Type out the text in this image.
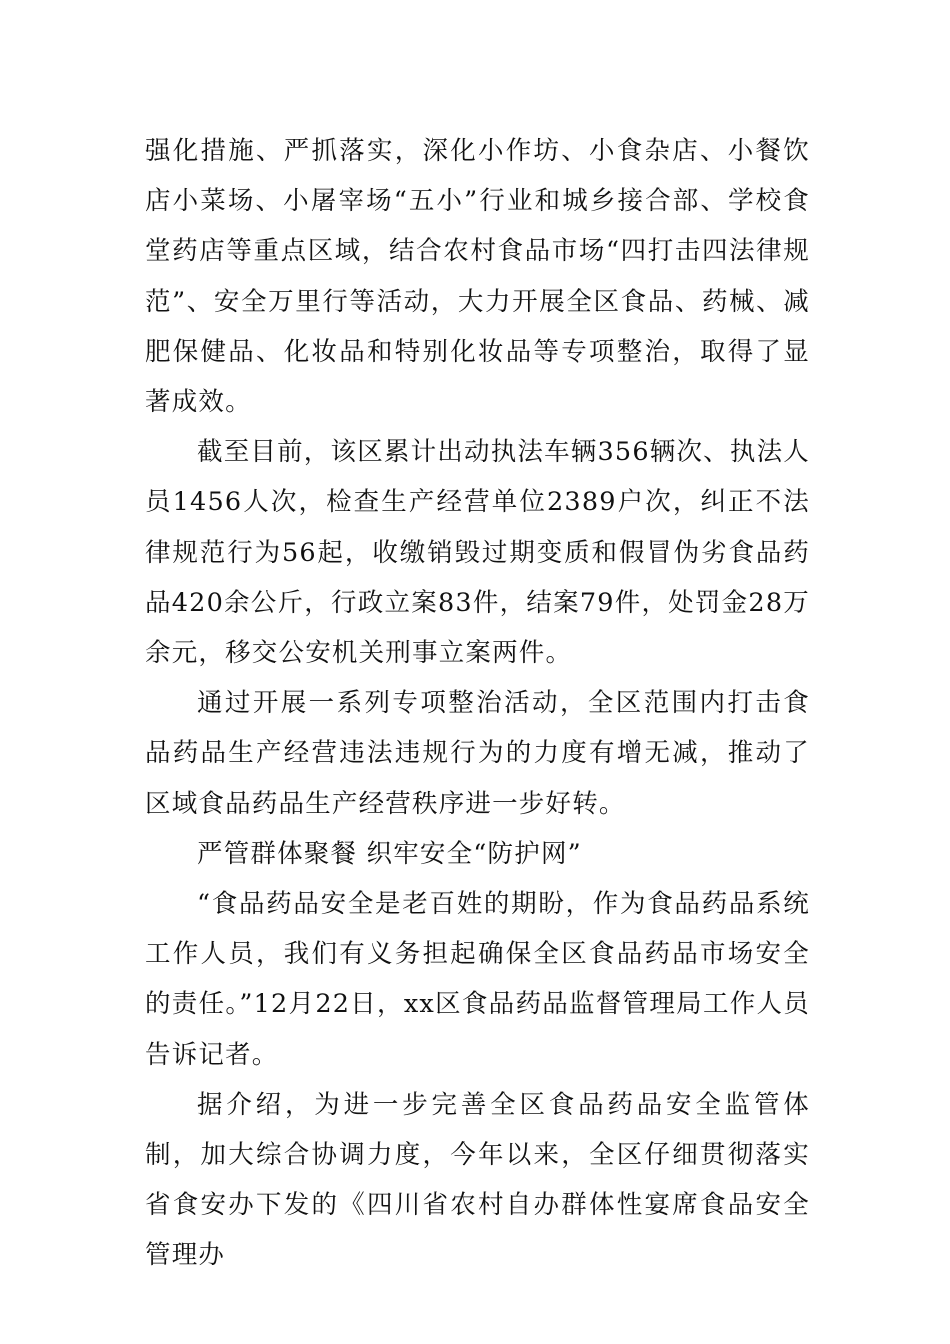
强化措施、严抓落实，深化小作坊、小食杂店、小餐饮店小菜场、小屠宰场“五小”行业和城乡接合部、学校食堂药店等重点区域，结合农村食品市场“四打击四法律规范”、安全万里行等活动，大力开展全区食品、药械、减肥保健品、化妆品和特别化妆品等专项整治，取得了显著成效。

截至目前，该区累计出动执法车辆356辆次、执法人员1456人次，检查生产经营单位2389户次，纠正不法律规范行为56起，收缴销毁过期变质和假冒伪劣食品药品420余公斤，行政立案83件，结案79件，处罚金28万余元，移交公安机关刑事立案两件。

通过开展一系列专项整治活动，全区范围内打击食品药品生产经营违法违规行为的力度有增无减，推动了区域食品药品生产经营秩序进一步好转。

严管群体聚餐 织牢安全“防护网”

“食品药品安全是老百姓的期盼，作为食品药品系统工作人员，我们有义务担起确保全区食品药品市场安全的责任。”12月22日，xx区食品药品监督管理局工作人员告诉记者。

据介绍，为进一步完善全区食品药品安全监管体制，加大综合协调力度，今年以来，全区仔细贯彻落实省食安办下发的《四川省农村自办群体性宴席食品安全管理办
